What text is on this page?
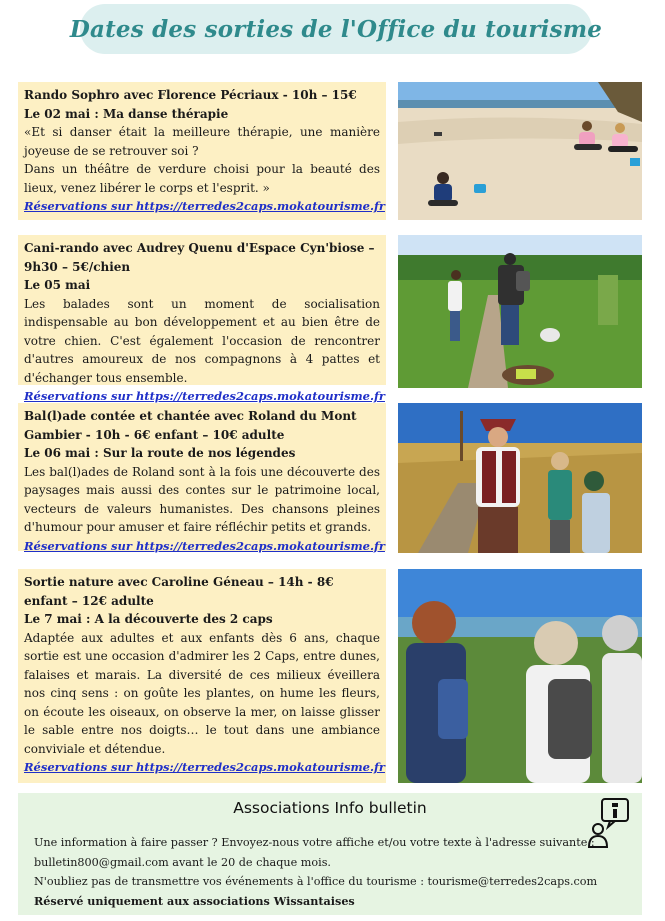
Dates des sorties de l'Office du tourisme

Rando Sophro avec Florence Pécriaux - 10h – 15€

Le 02 mai : Ma danse thérapie

«Et si danser était la meilleure thérapie, une manière joyeuse de se retrouver soi ?

Dans un théâtre de verdure choisi pour la beauté des lieux, venez libérer le corps et l'esprit. »

Réservations sur https://terredes2caps.mokatourisme.fr

Cani-rando avec Audrey Quenu d'Espace Cyn'biose – 9h30 – 5€/chien

Le 05 mai

Les balades sont un moment de socialisation indispensable au bon développement et au bien être de votre chien. C'est également l'occasion de rencontrer d'autres amoureux de nos compagnons à 4 pattes et d'échanger tous ensemble.

Réservations sur https://terredes2caps.mokatourisme.fr

Bal(l)ade contée et chantée avec Roland du Mont Gambier - 10h - 6€ enfant – 10€ adulte

Le 06 mai : Sur la route de nos légendes

Les bal(l)ades de Roland sont à la fois une découverte des paysages mais aussi des contes sur le patrimoine local, vecteurs de valeurs humanistes. Des chansons pleines d'humour pour amuser et faire réfléchir petits et grands.

Réservations sur https://terredes2caps.mokatourisme.fr

Sortie nature avec Caroline Géneau – 14h - 8€ enfant – 12€ adulte

Le 7 mai : A la découverte des 2 caps

Adaptée aux adultes et aux enfants dès 6 ans, chaque sortie est une occasion d'admirer les 2 Caps, entre dunes, falaises et marais. La diversité de ces milieux éveillera nos cinq sens : on goûte les plantes, on hume les fleurs, on écoute les oiseaux, on observe la mer, on laisse glisser le sable entre nos doigts… le tout dans une ambiance conviviale et détendue.

Réservations sur https://terredes2caps.mokatourisme.fr
Associations Info bulletin

Une information à faire passer ? Envoyez-nous votre affiche et/ou votre texte à l'adresse suivante :

bulletin800@gmail.com avant le 20 de chaque mois.

N'oubliez pas de transmettre vos événements à l'office du tourisme : tourisme@terredes2caps.com

Réservé uniquement aux associations Wissantaises
